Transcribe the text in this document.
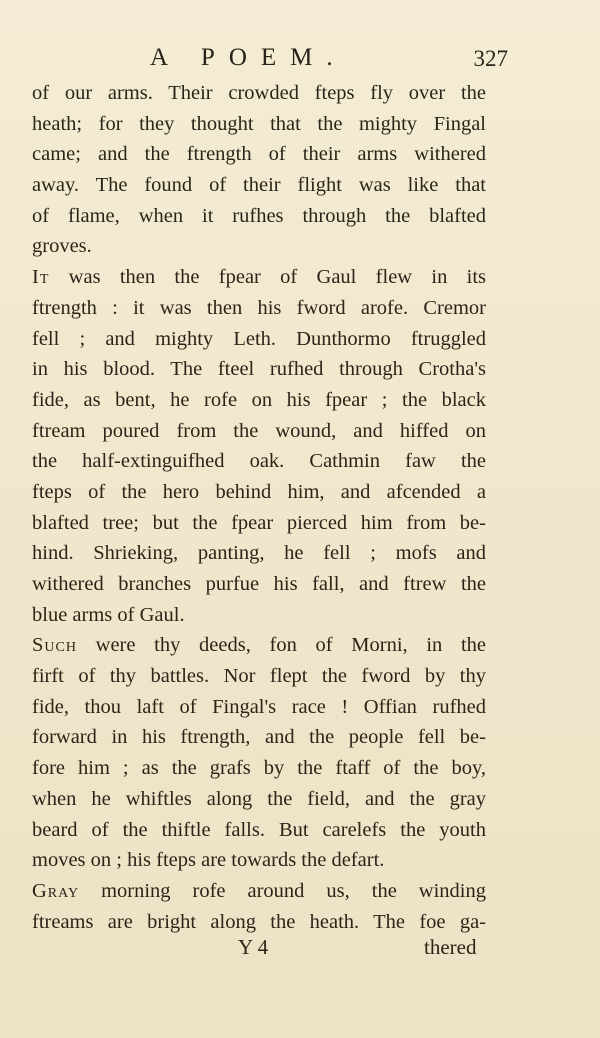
A POEM.	327
of our arms. Their crowded fteps fly over the
heath; for they thought that the mighty Fingal
came; and the ftrength of their arms withered
away. The found of their flight was like that
of flame, when it rufhes through the blafted
groves.
It was then the fpear of Gaul flew in its
ftrength : it was then his fword arofe. Cremor
fell ; and mighty Leth. Dunthormo ftruggled
in his blood. The fteel rufhed through Crotha's
fide, as bent, he rofe on his fpear ; the black
ftream poured from the wound, and hiffed on
the half-extinguifhed oak. Cathmin faw the
fteps of the hero behind him, and afcended a
blafted tree; but the fpear pierced him from be-
hind. Shrieking, panting, he fell ; mofs and
withered branches purfue his fall, and ftrew the
blue arms of Gaul.
Such were thy deeds, fon of Morni, in the
firft of thy battles. Nor flept the fword by thy
fide, thou laft of Fingal's race ! Offian rufhed
forward in his ftrength, and the people fell be-
fore him ; as the grafs by the ftaff of the boy,
when he whiftles along the field, and the gray
beard of the thiftle falls. But carelefs the youth
moves on ; his fteps are towards the defart.
Gray morning rofe around us, the winding
ftreams are bright along the heath. The foe ga-
Y 4	thered
